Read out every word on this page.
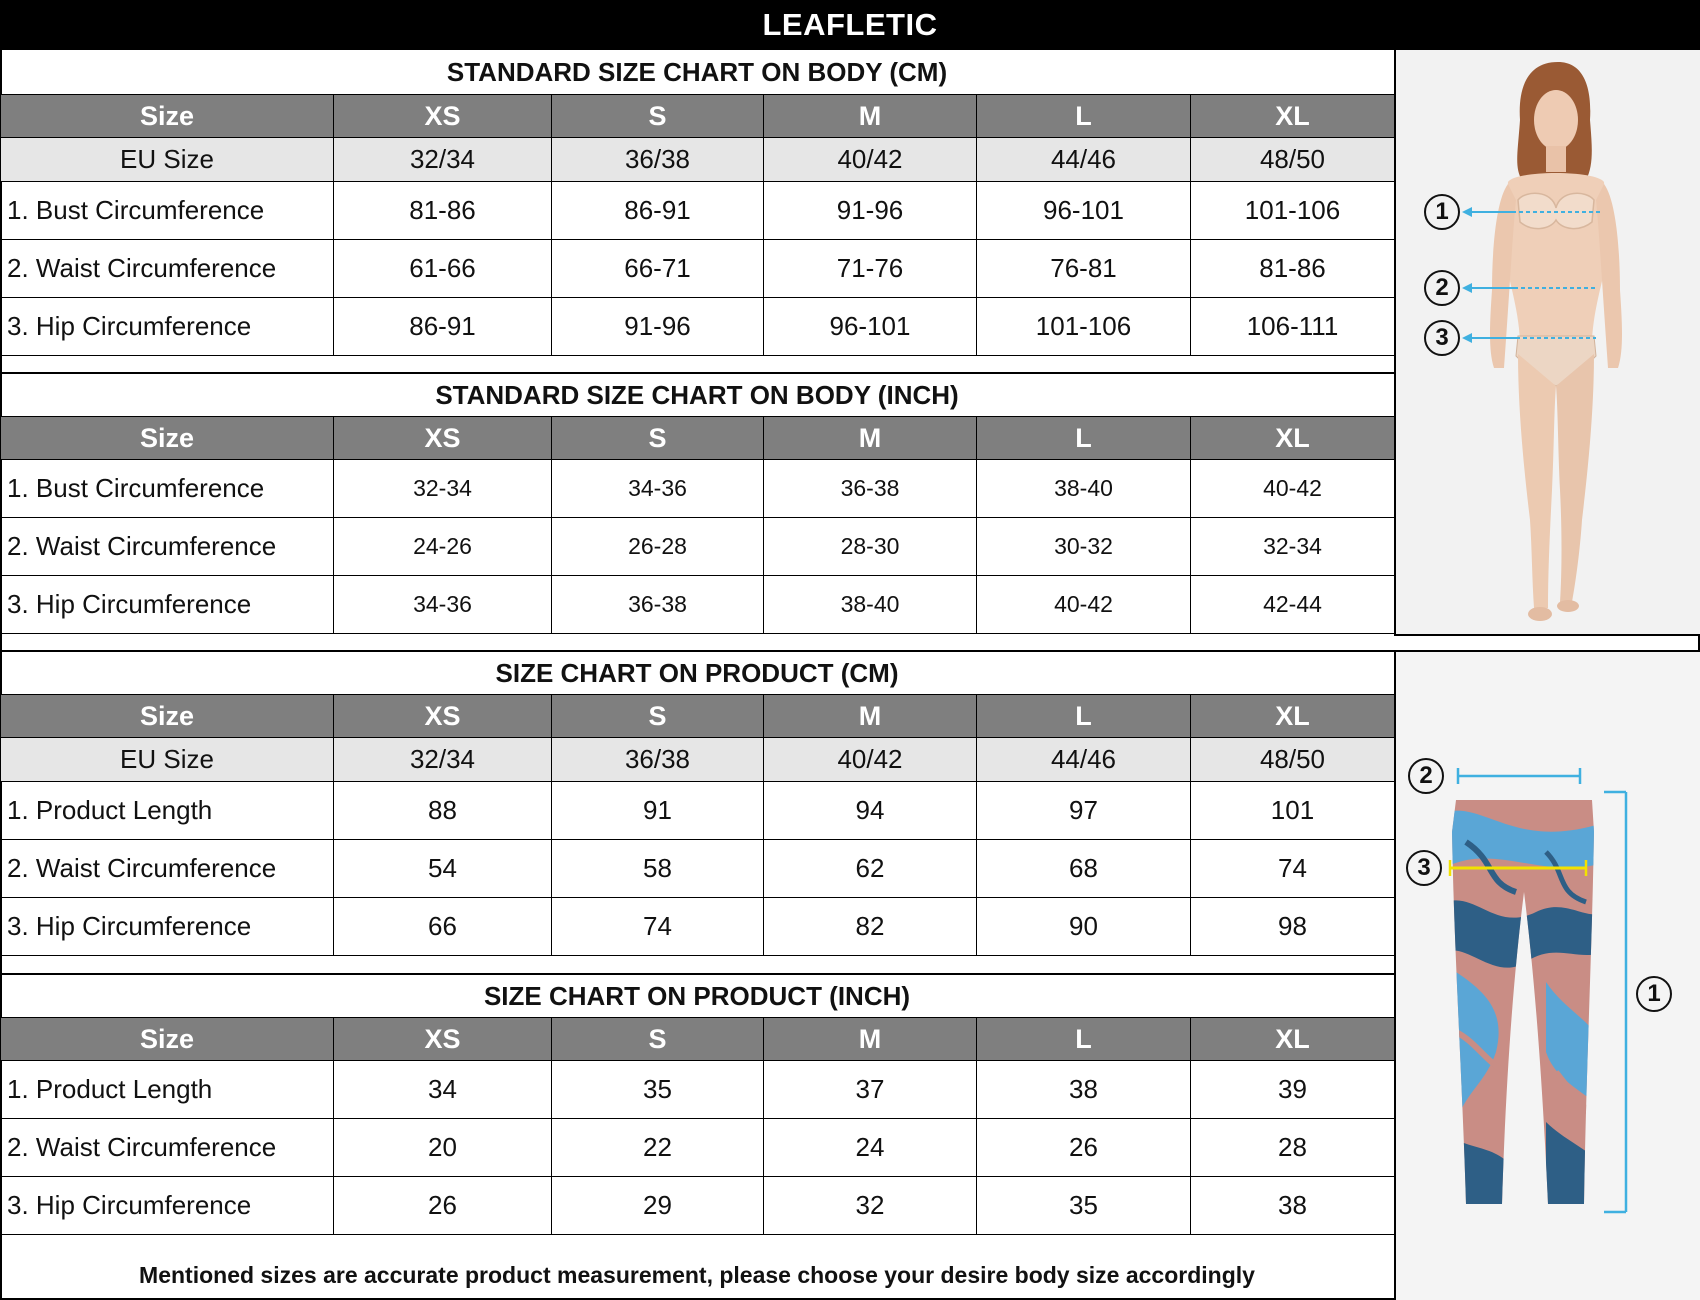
LEAFLETIC
STANDARD SIZE CHART ON BODY (CM)
Size	XS	S	M	L	XL
EU Size	32/34	36/38	40/42	44/46	48/50
1. Bust Circumference	81-86	86-91	91-96	96-101	101-106
2. Waist Circumference	61-66	66-71	71-76	76-81	81-86
3. Hip Circumference	86-91	91-96	96-101	101-106	106-111
STANDARD SIZE CHART ON BODY (INCH)
Size	XS	S	M	L	XL
1. Bust Circumference	32-34	34-36	36-38	38-40	40-42
2. Waist Circumference	24-26	26-28	28-30	30-32	32-34
3. Hip Circumference	34-36	36-38	38-40	40-42	42-44
SIZE CHART ON PRODUCT (CM)
Size	XS	S	M	L	XL
EU Size	32/34	36/38	40/42	44/46	48/50
1. Product Length	88	91	94	97	101
2. Waist Circumference	54	58	62	68	74
3. Hip Circumference	66	74	82	90	98
SIZE CHART ON PRODUCT (INCH)
Size	XS	S	M	L	XL
1. Product Length	34	35	37	38	39
2. Waist Circumference	20	22	24	26	28
3. Hip Circumference	26	29	32	35	38
Mentioned sizes are accurate product measurement, please choose your desire body size accordingly
1
2
3
1
2
3
